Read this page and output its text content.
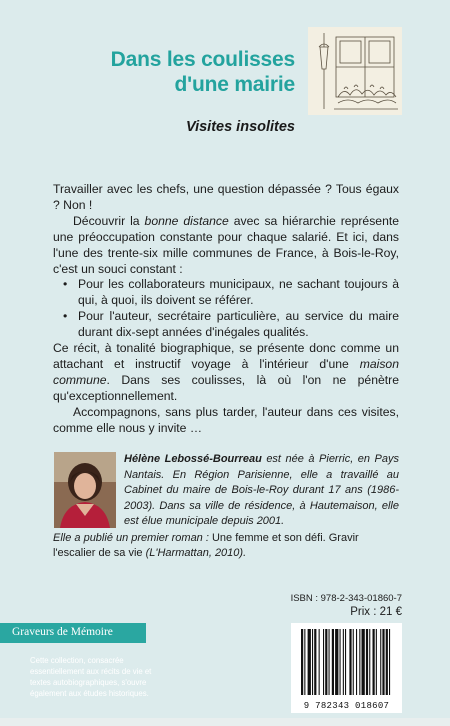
Dans les coulisses
d'une mairie
Visites insolites

Travailler avec les chefs, une question dépassée ? Tous égaux ? Non !

Découvrir la bonne distance avec sa hiérarchie représente une préoccupation constante pour chaque salarié. Et ici, dans l'une des trente-six mille communes de France, à Bois-le-Roy, c'est un souci constant :

• Pour les collaborateurs municipaux, ne sachant toujours à qui, à quoi, ils doivent se référer.
• Pour l'auteur, secrétaire particulière, au service du maire durant dix-sept années d'inégales qualités.

Ce récit, à tonalité biographique, se présente donc comme un attachant et instructif voyage à l'intérieur d'une maison commune. Dans ses coulisses, là où l'on ne pénètre qu'exceptionnellement.

Accompagnons, sans plus tarder, l'auteur dans ces visites, comme elle nous y invite …

Hélène Lebossé-Bourreau est née à Pierric, en Pays Nantais. En Région Parisienne, elle a travaillé au Cabinet du maire de Bois-le-Roy durant 17 ans (1986-2003). Dans sa ville de résidence, à Hautemaison, elle est élue municipale depuis 2001.
Elle a publié un premier roman : Une femme et son défi. Gravir l'escalier de sa vie (L'Harmattan, 2010).
ISBN : 978-2-343-01860-7
Prix : 21 €
Graveurs de Mémoire
Cette collection, consacrée essentiellement aux récits de vie et textes autobiographiques, s'ouvre également aux études historiques.
9 782343 018607
